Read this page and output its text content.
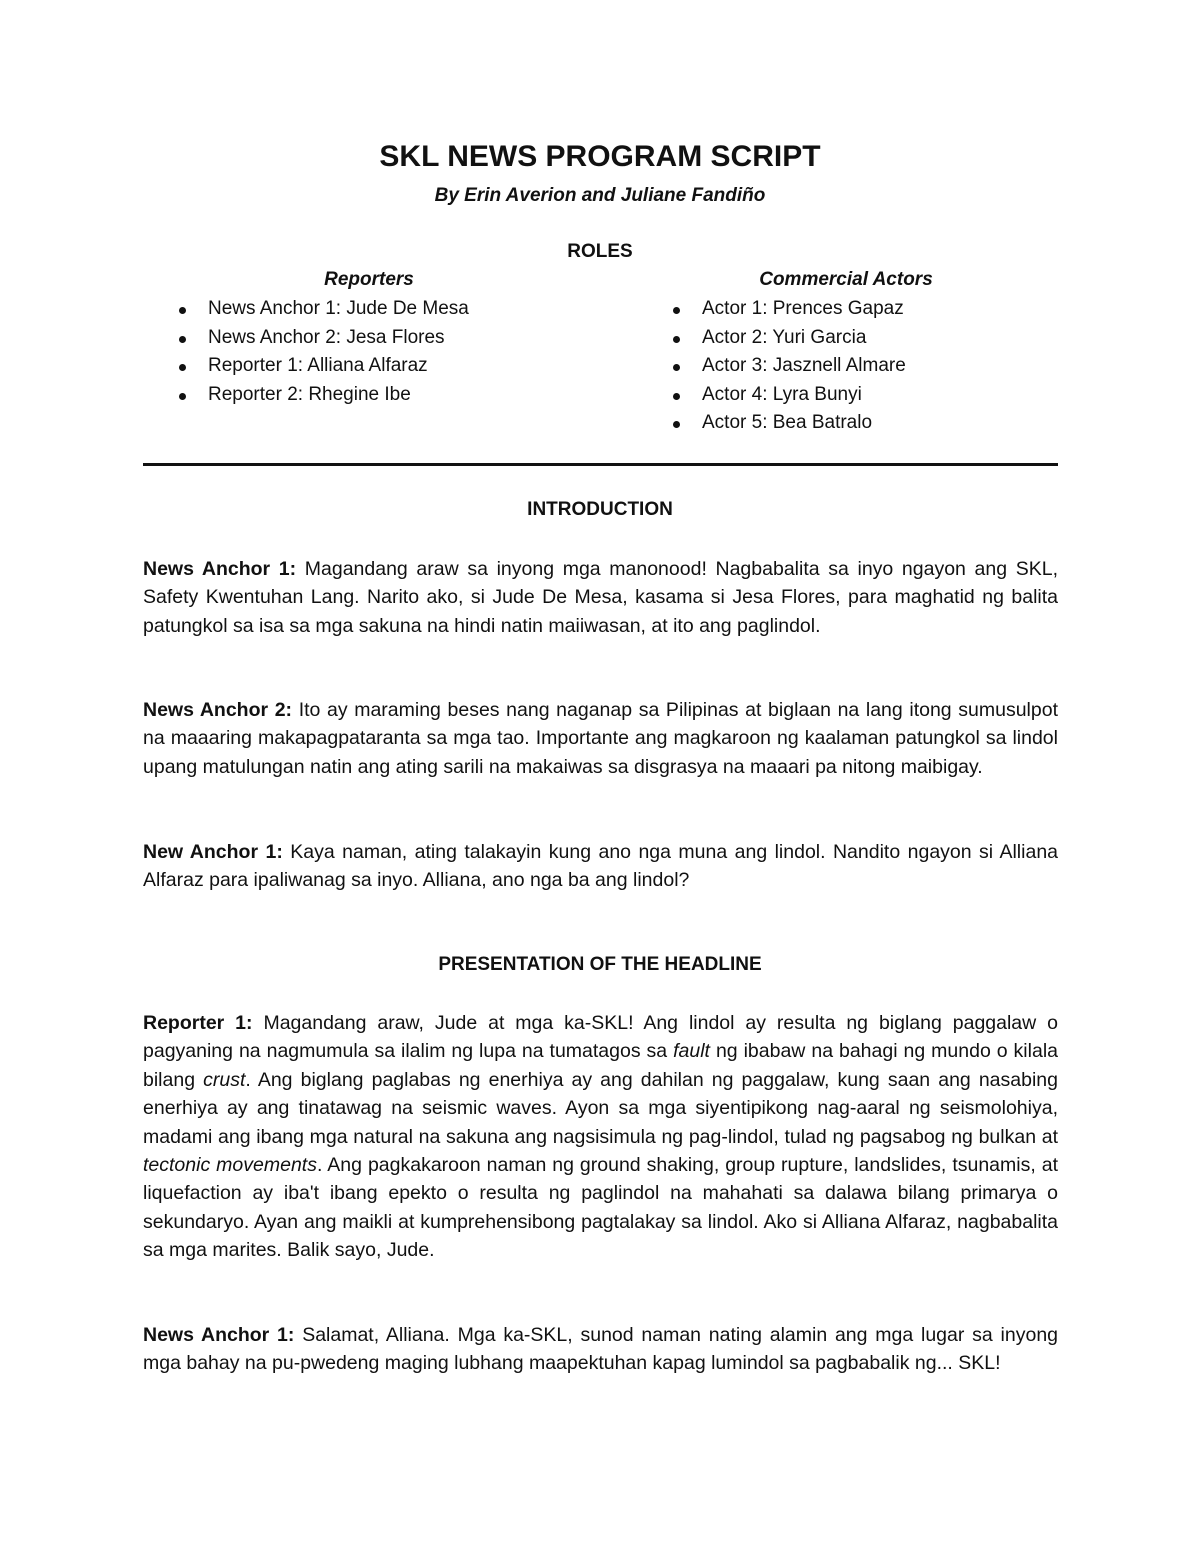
SKL NEWS PROGRAM SCRIPT
By Erin Averion and Juliane Fandiño
ROLES
Reporters	Commercial Actors
News Anchor 1: Jude De Mesa
News Anchor 2: Jesa Flores
Reporter 1: Alliana Alfaraz
Reporter 2: Rhegine Ibe
Actor 1: Prences Gapaz
Actor 2: Yuri Garcia
Actor 3: Jasznell Almare
Actor 4: Lyra Bunyi
Actor 5: Bea Batralo
INTRODUCTION

News Anchor 1: Magandang araw sa inyong mga manonood! Nagbabalita sa inyo ngayon ang SKL, Safety Kwentuhan Lang. Narito ako, si Jude De Mesa, kasama si Jesa Flores, para maghatid ng balita patungkol sa isa sa mga sakuna na hindi natin maiiwasan, at ito ang paglindol.

News Anchor 2: Ito ay maraming beses nang naganap sa Pilipinas at biglaan na lang itong sumusulpot na maaaring makapagpataranta sa mga tao. Importante ang magkaroon ng kaalaman patungkol sa lindol upang matulungan natin ang ating sarili na makaiwas sa disgrasya na maaari pa nitong maibigay.

New Anchor 1: Kaya naman, ating talakayin kung ano nga muna ang lindol. Nandito ngayon si Alliana Alfaraz para ipaliwanag sa inyo. Alliana, ano nga ba ang lindol?

PRESENTATION OF THE HEADLINE

Reporter 1: Magandang araw, Jude at mga ka-SKL! Ang lindol ay resulta ng biglang paggalaw o pagyaning na nagmumula sa ilalim ng lupa na tumatagos sa fault ng ibabaw na bahagi ng mundo o kilala bilang crust. Ang biglang paglabas ng enerhiya ay ang dahilan ng paggalaw, kung saan ang nasabing enerhiya ay ang tinatawag na seismic waves. Ayon sa mga siyentipikong nag-aaral ng seismolohiya, madami ang ibang mga natural na sakuna ang nagsisimula ng pag-lindol, tulad ng pagsabog ng bulkan at tectonic movements. Ang pagkakaroon naman ng ground shaking, group rupture, landslides, tsunamis, at liquefaction ay iba't ibang epekto o resulta ng paglindol na mahahati sa dalawa bilang primarya o sekundaryo. Ayan ang maikli at kumprehensibong pagtalakay sa lindol. Ako si Alliana Alfaraz, nagbabalita sa mga marites. Balik sayo, Jude.

News Anchor 1: Salamat, Alliana. Mga ka-SKL, sunod naman nating alamin ang mga lugar sa inyong mga bahay na pu-pwedeng maging lubhang maapektuhan kapag lumindol sa pagbabalik ng... SKL!
